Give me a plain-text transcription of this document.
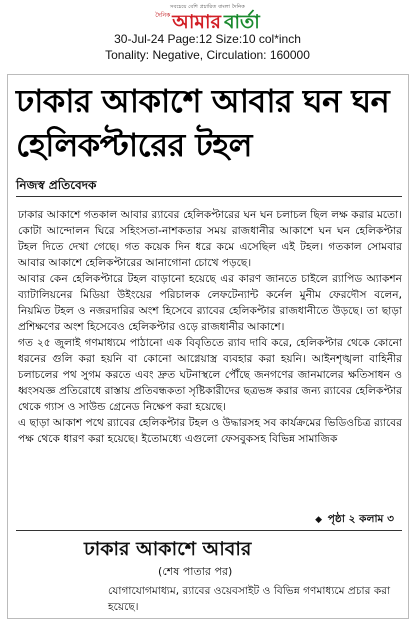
সবচেয়ে বেশি প্রচারিত বাংলা দৈনিক
দৈনিক আমার বার্তা
30-Jul-24 Page:12 Size:10 col*inch
Tonality: Negative, Circulation: 160000
ঢাকার আকাশে আবার ঘন ঘন হেলিকপ্টারের টহল
নিজস্ব প্রতিবেদক

ঢাকার আকাশে গতকাল আবার র‍্যাবের হেলিকপ্টারের ঘন ঘন চলাচল ছিল লক্ষ করার মতো। কোটা আন্দোলন ঘিরে সহিংসতা-নাশকতার সময় রাজধানীর আকাশে ঘন ঘন হেলিকপ্টার টহল দিতে দেখা গেছে। গত কয়েক দিন ধরে কমে এসেছিল এই টহল। গতকাল সোমবার আবার আকাশে হেলিকপ্টারের আনাগোনা চোখে পড়ছে।

আবার কেন হেলিকপ্টারে টহল বাড়ানো হয়েছে এর কারণ জানতে চাইলে র‍্যাপিড অ্যাকশন ব্যাটালিয়নের মিডিয়া উইংয়ের পরিচালক লেফটেন্যান্ট কর্নেল মুনীম ফেরদৌস বলেন, নিয়মিত টহল ও নজরদারির অংশ হিসেবে র‍্যাবের হেলিকপ্টার রাজধানীতে উড়ছে। তা ছাড়া প্রশিক্ষণের অংশ হিসেবেও হেলিকপ্টার ওড়ে রাজধানীর আকাশে।

গত ২৫ জুলাই গণমাধ্যমে পাঠানো এক বিবৃতিতে র‍্যাব দাবি করে, হেলিকপ্টার থেকে কোনো ধরনের গুলি করা হয়নি বা কোনো আগ্নেয়াস্ত্র ব্যবহার করা হয়নি। আইনশৃঙ্খলা বাহিনীর চলাচলের পথ সুগম করতে এবং দ্রুত ঘটনাস্থলে পৌঁছে জনগণের জানমালের ক্ষতিসাধন ও ধ্বংসযজ্ঞ প্রতিরোধে রাস্তায় প্রতিবন্ধকতা সৃষ্টিকারীদের ছত্রভঙ্গ করার জন্য র‍্যাবের হেলিকপ্টার থেকে গ্যাস ও সাউন্ড গ্রেনেড নিক্ষেপ করা হয়েছে।

এ ছাড়া আকাশ পথে র‍্যাবের হেলিকপ্টার টহল ও উদ্ধারসহ সব কার্যক্রমের ভিডিওচিত্র র‍্যাবের পক্ষ থেকে ধারণ করা হয়েছে। ইতোমধ্যে এগুলো ফেসবুকসহ বিভিন্ন সামাজিক

◆ পৃষ্ঠা ২ কলাম ৩
ঢাকার আকাশে আবার
(শেষ পাতার পর)
যোগাযোগমাধ্যম, র‍্যাবের ওয়েবসাইট ও বিভিন্ন গণমাধ্যমে প্রচার করা হয়েছে।
